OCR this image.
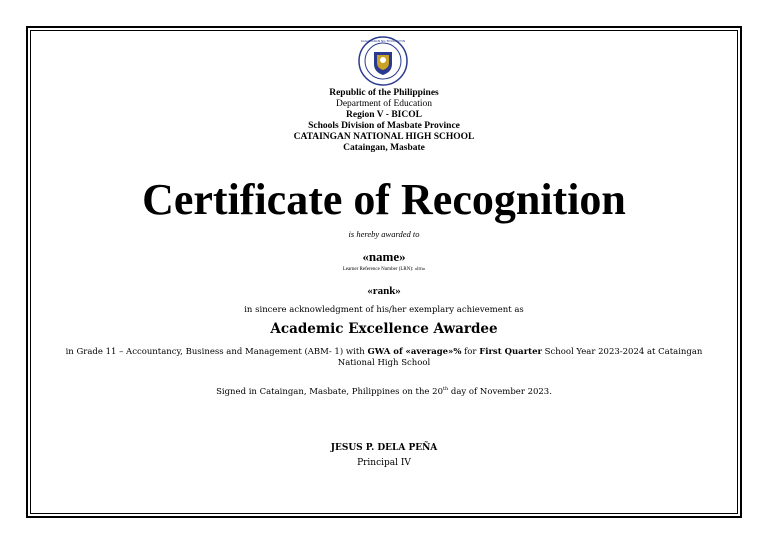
KAGAWARAN NG EDUKASYON
Republic of the Philippines
Department of Education
Region V - BICOL
Schools Division of Masbate Province
CATAINGAN NATIONAL HIGH SCHOOL
Cataingan, Masbate
Certificate of Recognition
is hereby awarded to
«name»
Learner Reference Number (LRN): «lrn»
«rank»
in sincere acknowledgment of his/her exemplary achievement as
Academic Excellence Awardee
in Grade 11 – Accountancy, Business and Management (ABM- 1) with GWA of «average»% for First Quarter School Year 2023-2024 at Cataingan
National High School
Signed in Cataingan, Masbate, Philippines on the 20th day of November 2023.
JESUS P. DELA PEÑA
Principal IV
